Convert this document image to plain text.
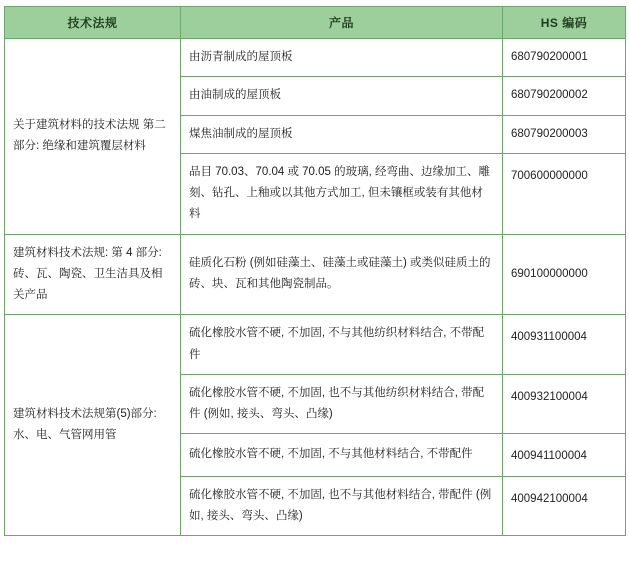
技术法规	产品	HS 编码
关于建筑材料的技术法规 第二部分: 绝缘和建筑覆层材料	由沥青制成的屋顶板	680790200001
	由油制成的屋顶板	680790200002
	煤焦油制成的屋顶板	680790200003
	品目 70.03、70.04 或 70.05 的玻璃, 经弯曲、边缘加工、雕刻、钻孔、上釉或以其他方式加工, 但未镶框或装有其他材料	700600000000
建筑材料技术法规: 第 4 部分: 砖、瓦、陶瓷、卫生洁具及相关产品	硅质化石粉 (例如硅藻土、硅藻土或硅藻土) 或类似硅质土的砖、块、瓦和其他陶瓷制品。	690100000000
建筑材料技术法规第(5)部分: 水、电、气管网用管	硫化橡胶水管不硬, 不加固, 不与其他纺织材料结合, 不带配件	400931100004
	硫化橡胶水管不硬, 不加固, 也不与其他纺织材料结合, 带配件 (例如, 接头、弯头、凸缘)	400932100004
	硫化橡胶水管不硬, 不加固, 不与其他材料结合, 不带配件	400941100004
	硫化橡胶水管不硬, 不加固, 也不与其他材料结合, 带配件 (例如, 接头、弯头、凸缘)	400942100004
